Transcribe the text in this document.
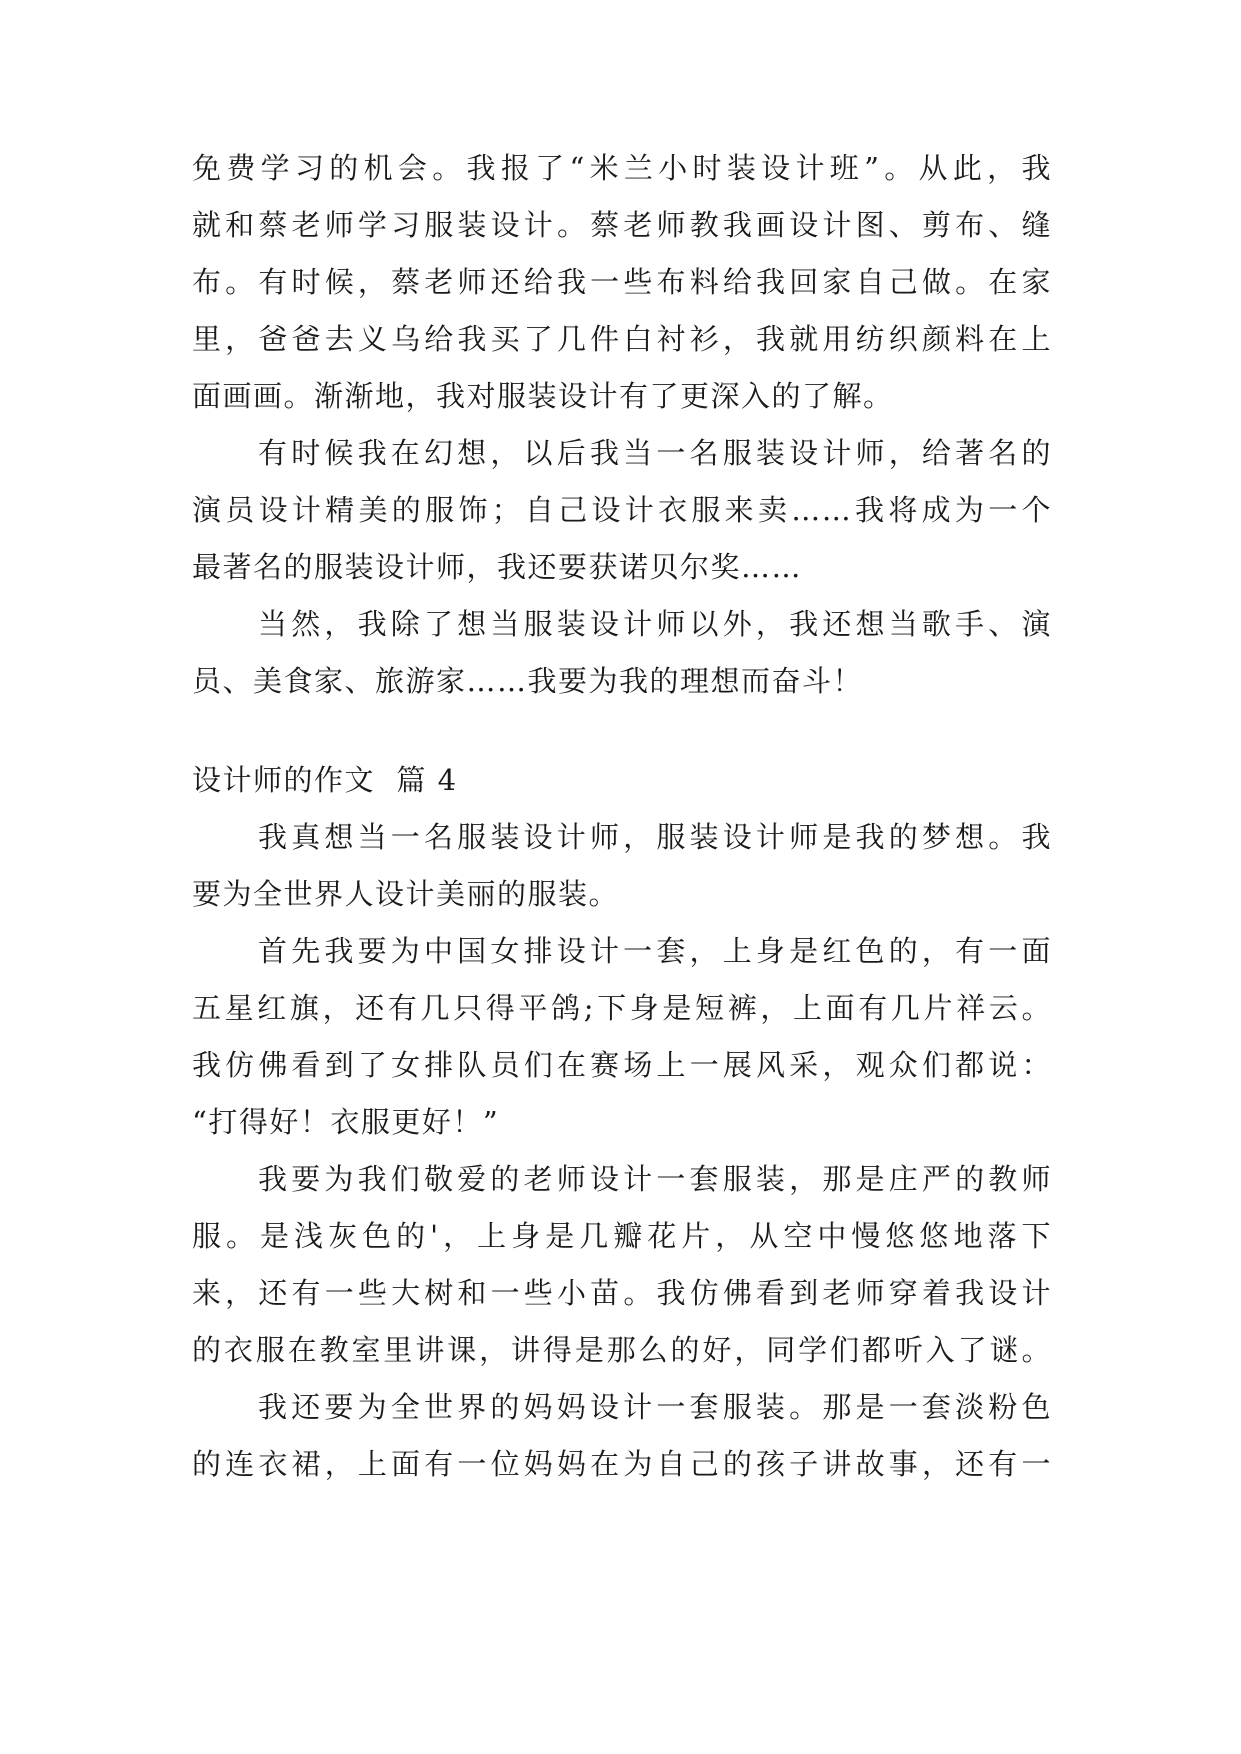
免费学习的机会。我报了“米兰小时装设计班”。从此，我
就和蔡老师学习服装设计。蔡老师教我画设计图、剪布、缝
布。有时候，蔡老师还给我一些布料给我回家自己做。在家
里，爸爸去义乌给我买了几件白衬衫，我就用纺织颜料在上
面画画。渐渐地，我对服装设计有了更深入的了解。
有时候我在幻想，以后我当一名服装设计师，给著名的
演员设计精美的服饰；自己设计衣服来卖……我将成为一个
最著名的服装设计师，我还要获诺贝尔奖……
当然，我除了想当服装设计师以外，我还想当歌手、演
员、美食家、旅游家……我要为我的理想而奋斗！
设计师的作文  篇 4
我真想当一名服装设计师，服装设计师是我的梦想。我
要为全世界人设计美丽的服装。
首先我要为中国女排设计一套，上身是红色的，有一面
五星红旗，还有几只得平鸽;下身是短裤，上面有几片祥云。
我仿佛看到了女排队员们在赛场上一展风采，观众们都说：
“打得好！衣服更好！”
我要为我们敬爱的老师设计一套服装，那是庄严的教师
服。是浅灰色的'，上身是几瓣花片，从空中慢悠悠地落下
来，还有一些大树和一些小苗。我仿佛看到老师穿着我设计
的衣服在教室里讲课，讲得是那么的好，同学们都听入了谜。
我还要为全世界的妈妈设计一套服装。那是一套淡粉色
的连衣裙，上面有一位妈妈在为自己的孩子讲故事，还有一
